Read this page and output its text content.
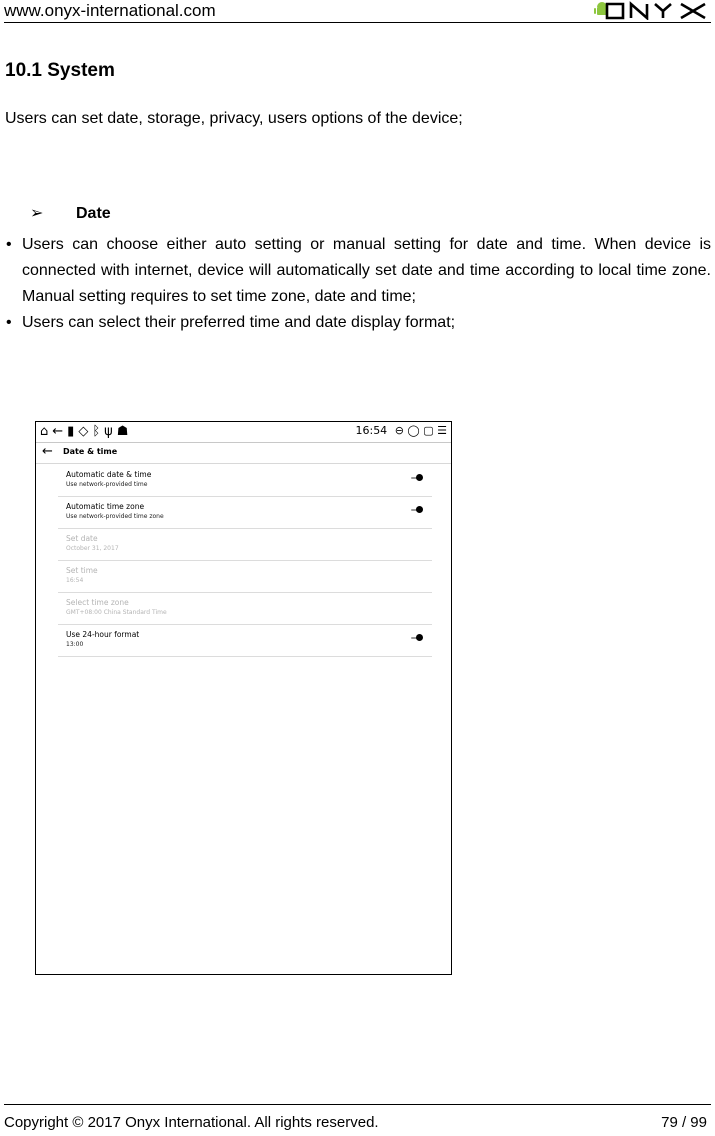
www.onyx-international.com
10.1 System
Users can set date, storage, privacy, users options of the device;
➢ Date
• Users can choose either auto setting or manual setting for date and time. When device is connected with internet, device will automatically set date and time according to local time zone. Manual setting requires to set time zone, date and time;
• Users can select their preferred time and date display format;
⌂←▮◇ᛒψ☗	16:54 ⊖ ◯ ▢ ☰
← Date & time
Automatic date & time
Use network-provided time
Automatic time zone
Use network-provided time zone
Set date
October 31, 2017
Set time
16:54
Select time zone
GMT+08:00 China Standard Time
Use 24-hour format
13:00
Copyright © 2017 Onyx International. All rights reserved.	79 / 99
